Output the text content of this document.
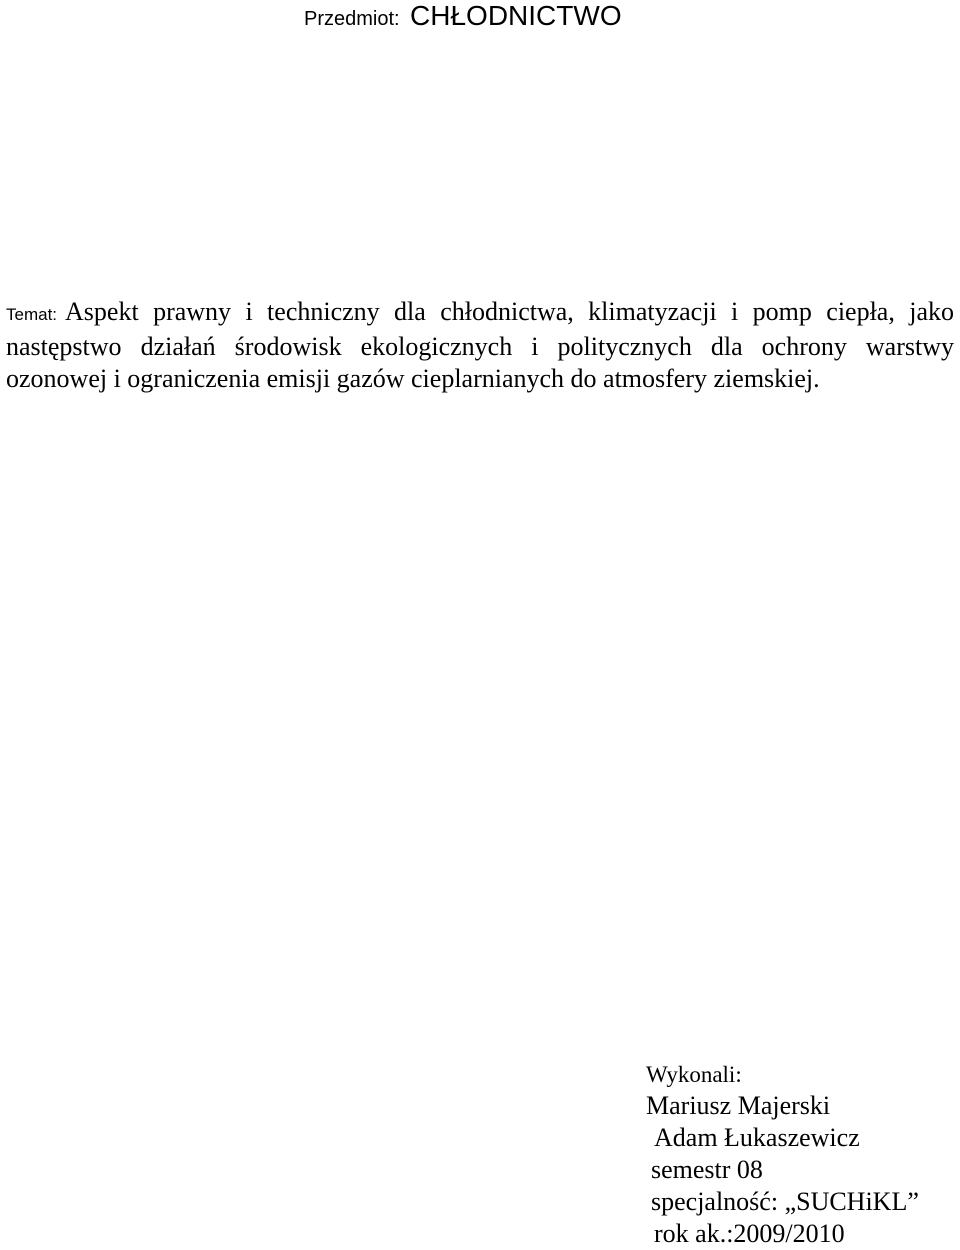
Przedmiot: CHŁODNICTWO
Temat: Aspekt prawny i techniczny dla chłodnictwa, klimatyzacji i pomp ciepła, jako następstwo działań środowisk ekologicznych i politycznych dla ochrony warstwy ozonowej i ograniczenia emisji gazów cieplarnianych do atmosfery ziemskiej.
Wykonali:
Mariusz Majerski
Adam Łukaszewicz
semestr 08
specjalność: „SUCHiKL”
rok ak.:2009/2010
